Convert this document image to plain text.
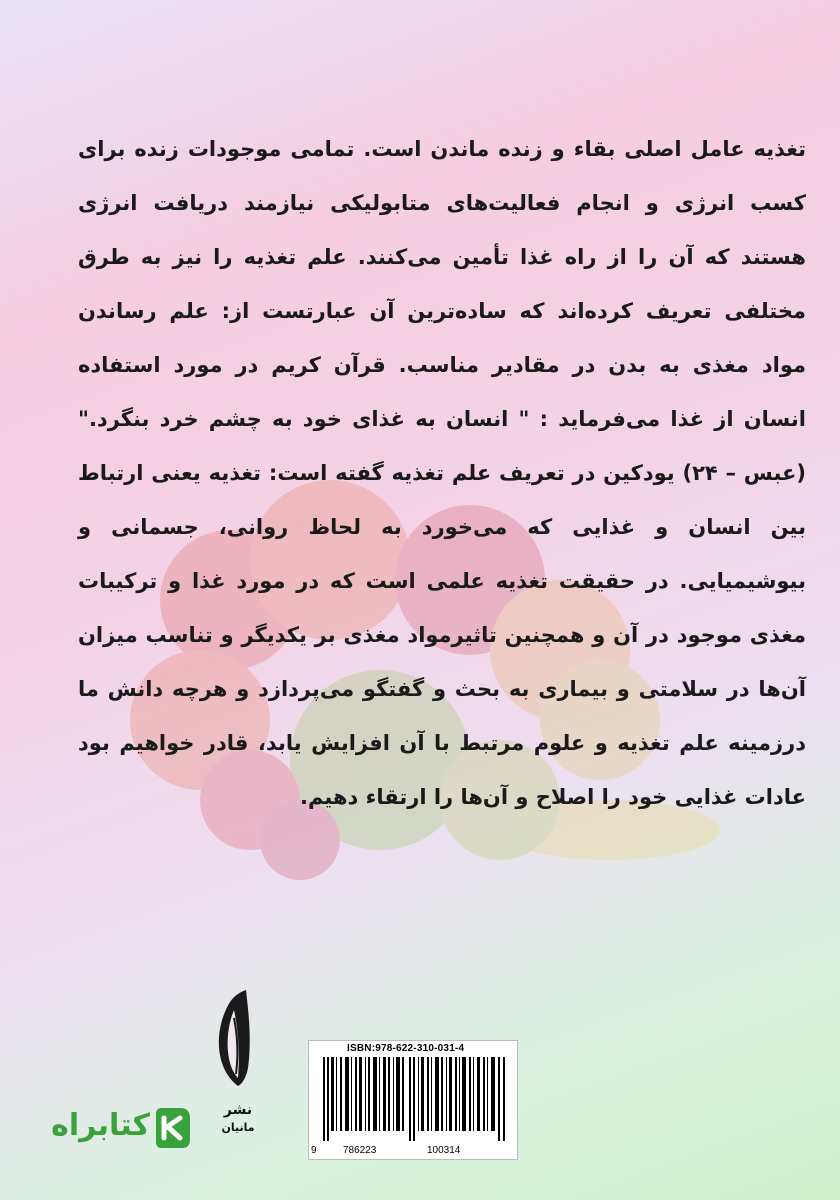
تغذیه عامل اصلی بقاء و زنده ماندن است. تمامی موجودات زنده برای کسب انرژی و انجام فعالیت‌های متابولیکی نیازمند دریافت انرژی هستند که آن را از راه غذا تأمین می‌کنند. علم تغذیه را نیز به طرق مختلفی تعریف کرده‌اند که ساده‌ترین آن عبارتست از: علم رساندن مواد مغذی به بدن در مقادیر مناسب. قرآن کریم در مورد استفاده انسان از غذا می‌فرماید : " انسان به غذای خود به چشم خرد بنگرد." (عبس – ۲۴) یودکین در تعریف علم تغذیه گفته است: تغذیه یعنی ارتباط بین انسان و غذایی که می‌خورد به لحاظ روانی، جسمانی و بیوشیمیایی. در حقیقت تغذیه علمی است که در مورد غذا و ترکیبات مغذی موجود در آن و همچنین تاثیرمواد مغذی بر یکدیگر و تناسب میزان آن‌ها در سلامتی و بیماری به بحث و گفتگو می‌پردازد و هرچه دانش ما درزمینه علم تغذیه و علوم مرتبط با آن افزایش یابد، قادر خواهیم بود عادات غذایی خود را اصلاح و آن‌ها را ارتقاء دهیم.
نشر
مانیان
ISBN:978-622-310-031-4
9	786223	100314
کتابراه
